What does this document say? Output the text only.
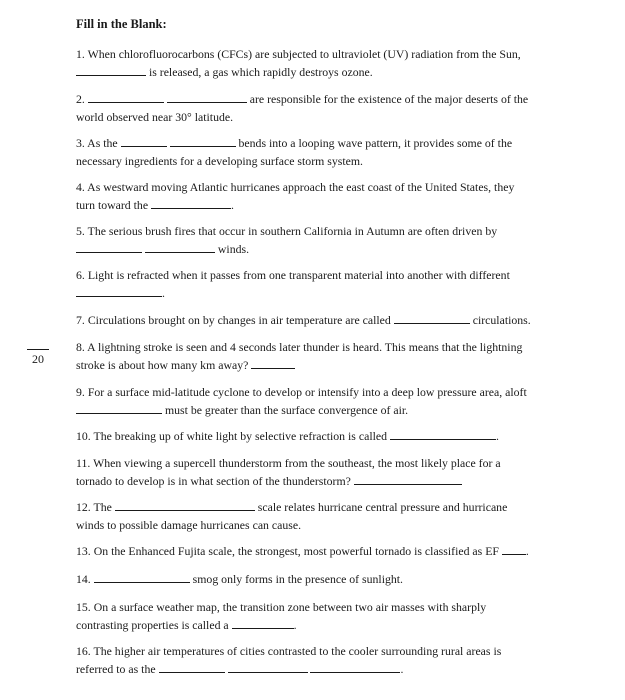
Fill in the Blank:
20
1. When chlorofluorocarbons (CFCs) are subjected to ultraviolet (UV) radiation from the Sun,
is released, a gas which rapidly destroys ozone.
2.	are responsible for the existence of the major deserts of the
world observed near 30° latitude.
3. As the	bends into a looping wave pattern, it provides some of the
necessary ingredients for a developing surface storm system.
4. As westward moving Atlantic hurricanes approach the east coast of the United States, they
turn toward the	.
5. The serious brush fires that occur in southern California in Autumn are often driven by
winds.
6. Light is refracted when it passes from one transparent material into another with different
.
7. Circulations brought on by changes in air temperature are called	circulations.
8. A lightning stroke is seen and 4 seconds later thunder is heard. This means that the lightning
stroke is about how many km away?
9. For a surface mid-latitude cyclone to develop or intensify into a deep low pressure area, aloft
must be greater than the surface convergence of air.
10. The breaking up of white light by selective refraction is called	.
11. When viewing a supercell thunderstorm from the southeast, the most likely place for a
tornado to develop is in what section of the thunderstorm?
12. The	scale relates hurricane central pressure and hurricane
winds to possible damage hurricanes can cause.
13. On the Enhanced Fujita scale, the strongest, most powerful tornado is classified as EF .
14.	smog only forms in the presence of sunlight.
15. On a surface weather map, the transition zone between two air masses with sharply
contrasting properties is called a	.
16. The higher air temperatures of cities contrasted to the cooler surrounding rural areas is
referred to as the	.
